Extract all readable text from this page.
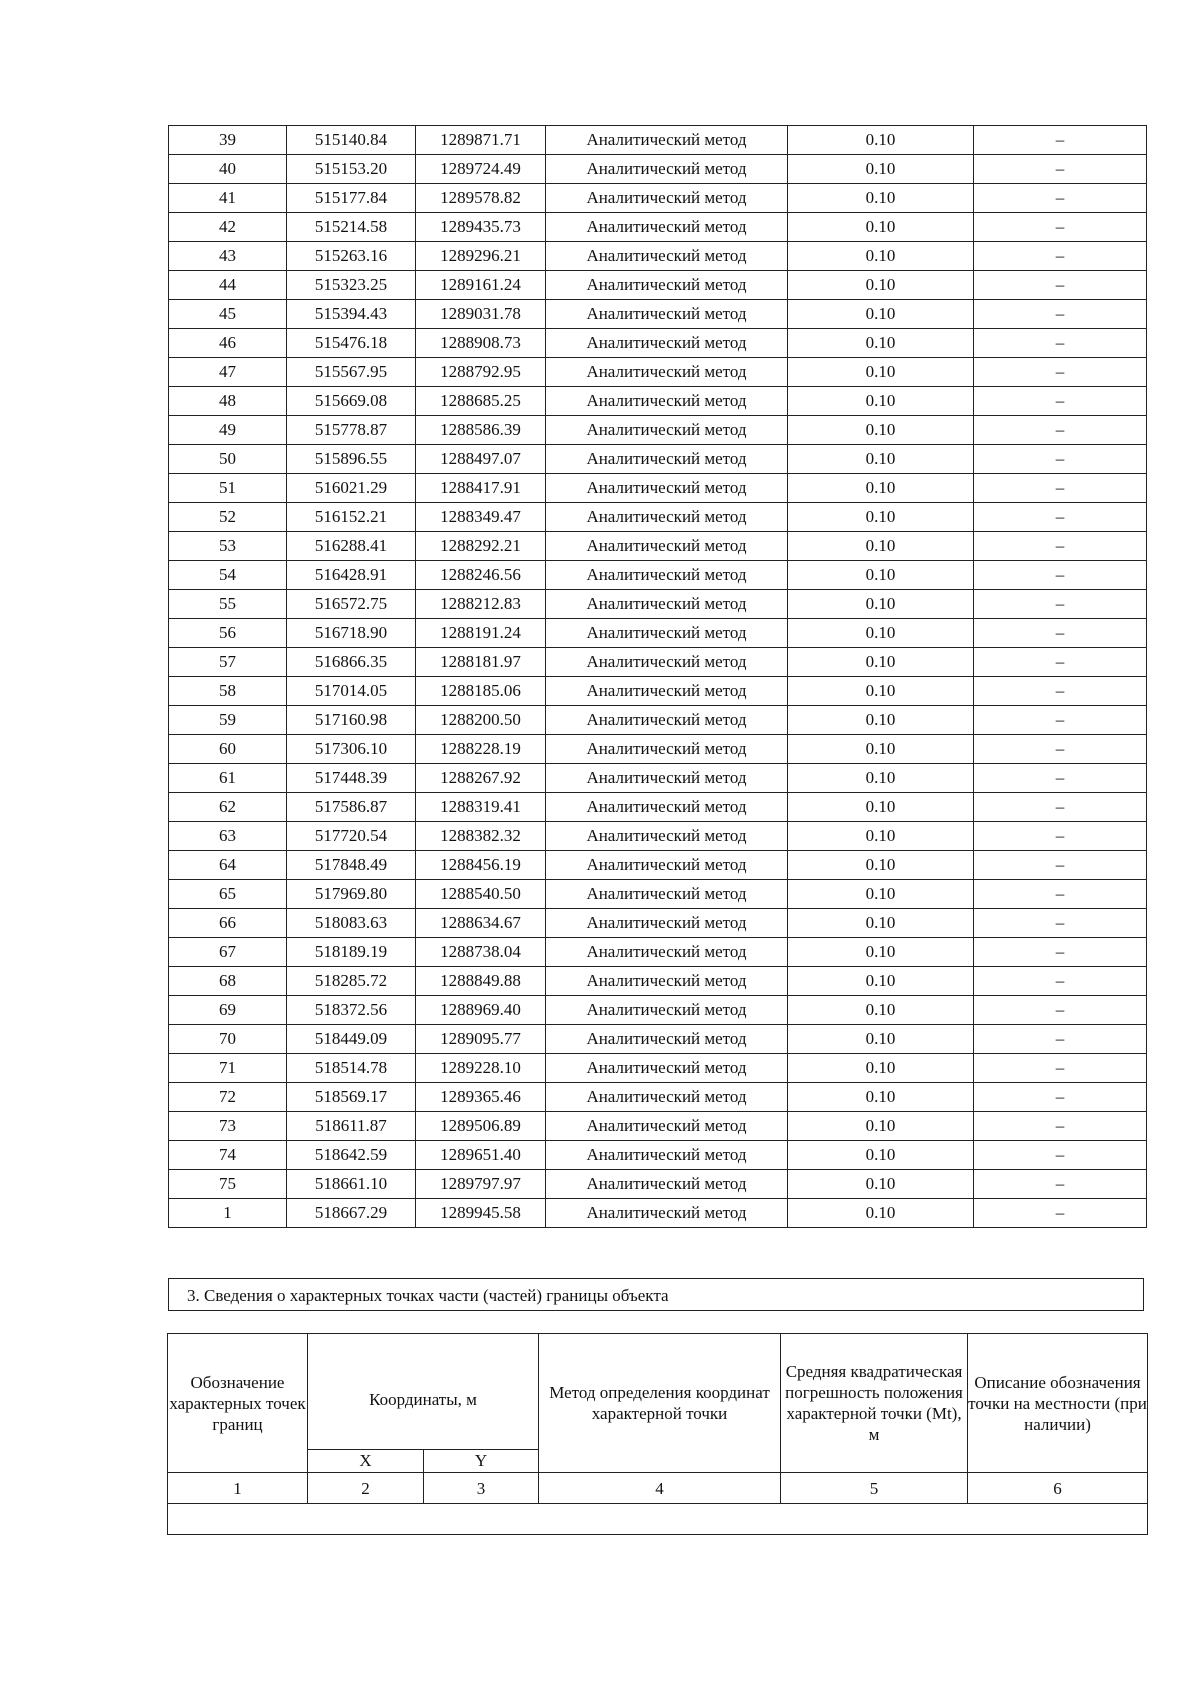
39	515140.84	1289871.71	Аналитический метод	0.10	–
40	515153.20	1289724.49	Аналитический метод	0.10	–
41	515177.84	1289578.82	Аналитический метод	0.10	–
42	515214.58	1289435.73	Аналитический метод	0.10	–
43	515263.16	1289296.21	Аналитический метод	0.10	–
44	515323.25	1289161.24	Аналитический метод	0.10	–
45	515394.43	1289031.78	Аналитический метод	0.10	–
46	515476.18	1288908.73	Аналитический метод	0.10	–
47	515567.95	1288792.95	Аналитический метод	0.10	–
48	515669.08	1288685.25	Аналитический метод	0.10	–
49	515778.87	1288586.39	Аналитический метод	0.10	–
50	515896.55	1288497.07	Аналитический метод	0.10	–
51	516021.29	1288417.91	Аналитический метод	0.10	–
52	516152.21	1288349.47	Аналитический метод	0.10	–
53	516288.41	1288292.21	Аналитический метод	0.10	–
54	516428.91	1288246.56	Аналитический метод	0.10	–
55	516572.75	1288212.83	Аналитический метод	0.10	–
56	516718.90	1288191.24	Аналитический метод	0.10	–
57	516866.35	1288181.97	Аналитический метод	0.10	–
58	517014.05	1288185.06	Аналитический метод	0.10	–
59	517160.98	1288200.50	Аналитический метод	0.10	–
60	517306.10	1288228.19	Аналитический метод	0.10	–
61	517448.39	1288267.92	Аналитический метод	0.10	–
62	517586.87	1288319.41	Аналитический метод	0.10	–
63	517720.54	1288382.32	Аналитический метод	0.10	–
64	517848.49	1288456.19	Аналитический метод	0.10	–
65	517969.80	1288540.50	Аналитический метод	0.10	–
66	518083.63	1288634.67	Аналитический метод	0.10	–
67	518189.19	1288738.04	Аналитический метод	0.10	–
68	518285.72	1288849.88	Аналитический метод	0.10	–
69	518372.56	1288969.40	Аналитический метод	0.10	–
70	518449.09	1289095.77	Аналитический метод	0.10	–
71	518514.78	1289228.10	Аналитический метод	0.10	–
72	518569.17	1289365.46	Аналитический метод	0.10	–
73	518611.87	1289506.89	Аналитический метод	0.10	–
74	518642.59	1289651.40	Аналитический метод	0.10	–
75	518661.10	1289797.97	Аналитический метод	0.10	–
1	518667.29	1289945.58	Аналитический метод	0.10	–
3. Сведения о характерных точках части (частей) границы объекта
Обозначение характерных точек границ	Координаты, м		Метод определения координат характерной точки	Средняя квадратическая погрешность положения характерной точки (Mt), м	Описание обозначения точки на местности (при наличии)
	X	Y			
1	2	3	4	5	6
